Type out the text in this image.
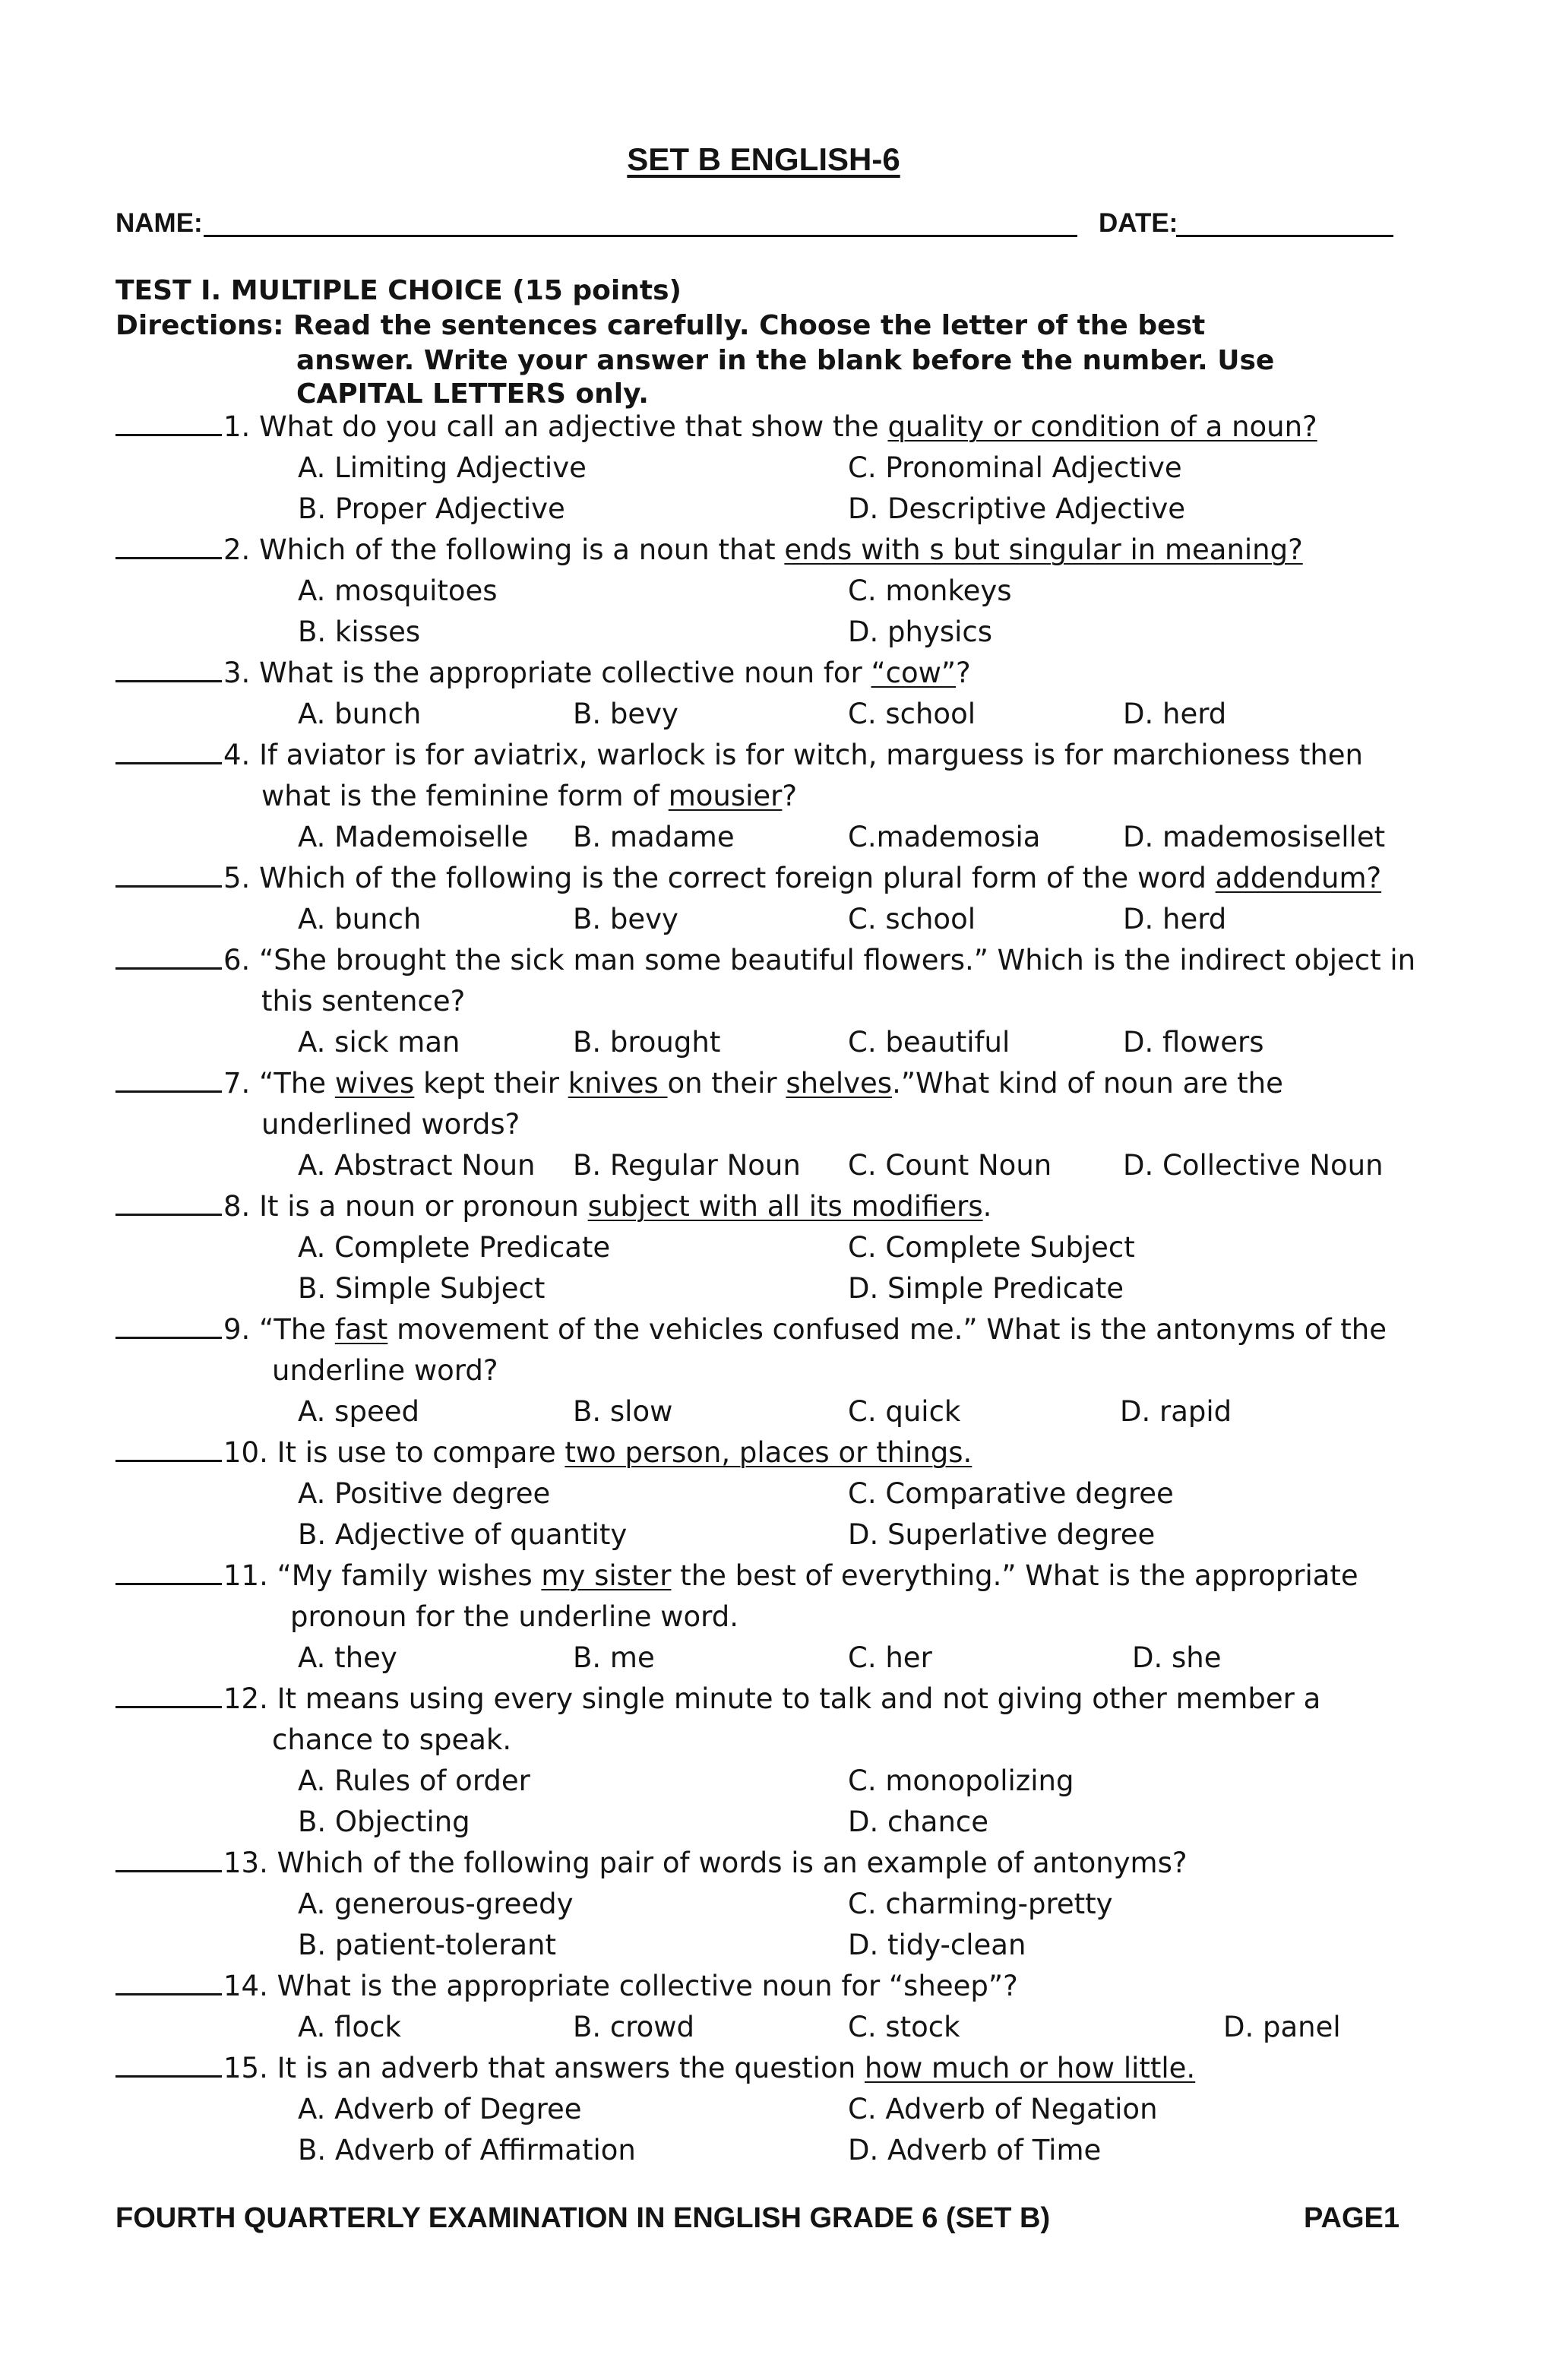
SET B ENGLISH-6
NAME:	DATE:
TEST I. MULTIPLE CHOICE (15 points)
Directions: Read the sentences carefully. Choose the letter of the best
answer. Write your answer in the blank before the number. Use
CAPITAL LETTERS only.
1. What do you call an adjective that show the quality or condition of a noun?
A. Limiting Adjective	C. Pronominal Adjective
B. Proper Adjective	D. Descriptive Adjective
2. Which of the following is a noun that ends with s but singular in meaning?
A. mosquitoes	C. monkeys
B. kisses	D. physics
3. What is the appropriate collective noun for “cow”?
A. bunch	B. bevy	C. school	D. herd
4. If aviator is for aviatrix, warlock is for witch, marguess is for marchioness then
what is the feminine form of mousier?
A. Mademoiselle B. madame	C.mademosia	D. mademosisellet
5. Which of the following is the correct foreign plural form of the word addendum?
A. bunch	B. bevy	C. school	D. herd
6. “She brought the sick man some beautiful flowers.” Which is the indirect object in
this sentence?
A. sick man	B. brought	C. beautiful	D. flowers
7. “The wives kept their knives on their shelves.”What kind of noun are the
underlined words?
A. Abstract Noun B. Regular Noun C. Count Noun	D. Collective Noun
8. It is a noun or pronoun subject with all its modifiers.
A. Complete Predicate	C. Complete Subject
B. Simple Subject	D. Simple Predicate
9. “The fast movement of the vehicles confused me.” What is the antonyms of the
underline word?
A. speed	B. slow	C. quick	D. rapid
10. It is use to compare two person, places or things.
A. Positive degree	C. Comparative degree
B. Adjective of quantity	D. Superlative degree
11. “My family wishes my sister the best of everything.” What is the appropriate
pronoun for the underline word.
A. they	B. me	C. her	D. she
12. It means using every single minute to talk and not giving other member a
chance to speak.
A. Rules of order	C. monopolizing
B. Objecting	D. chance
13. Which of the following pair of words is an example of antonyms?
A. generous-greedy	C. charming-pretty
B. patient-tolerant	D. tidy-clean
14. What is the appropriate collective noun for “sheep”?
A. flock	B. crowd	C. stock	D. panel
15. It is an adverb that answers the question how much or how little.
A. Adverb of Degree	C. Adverb of Negation
B. Adverb of Affirmation	D. Adverb of Time
FOURTH QUARTERLY EXAMINATION IN ENGLISH GRADE 6 (SET B)	PAGE1
